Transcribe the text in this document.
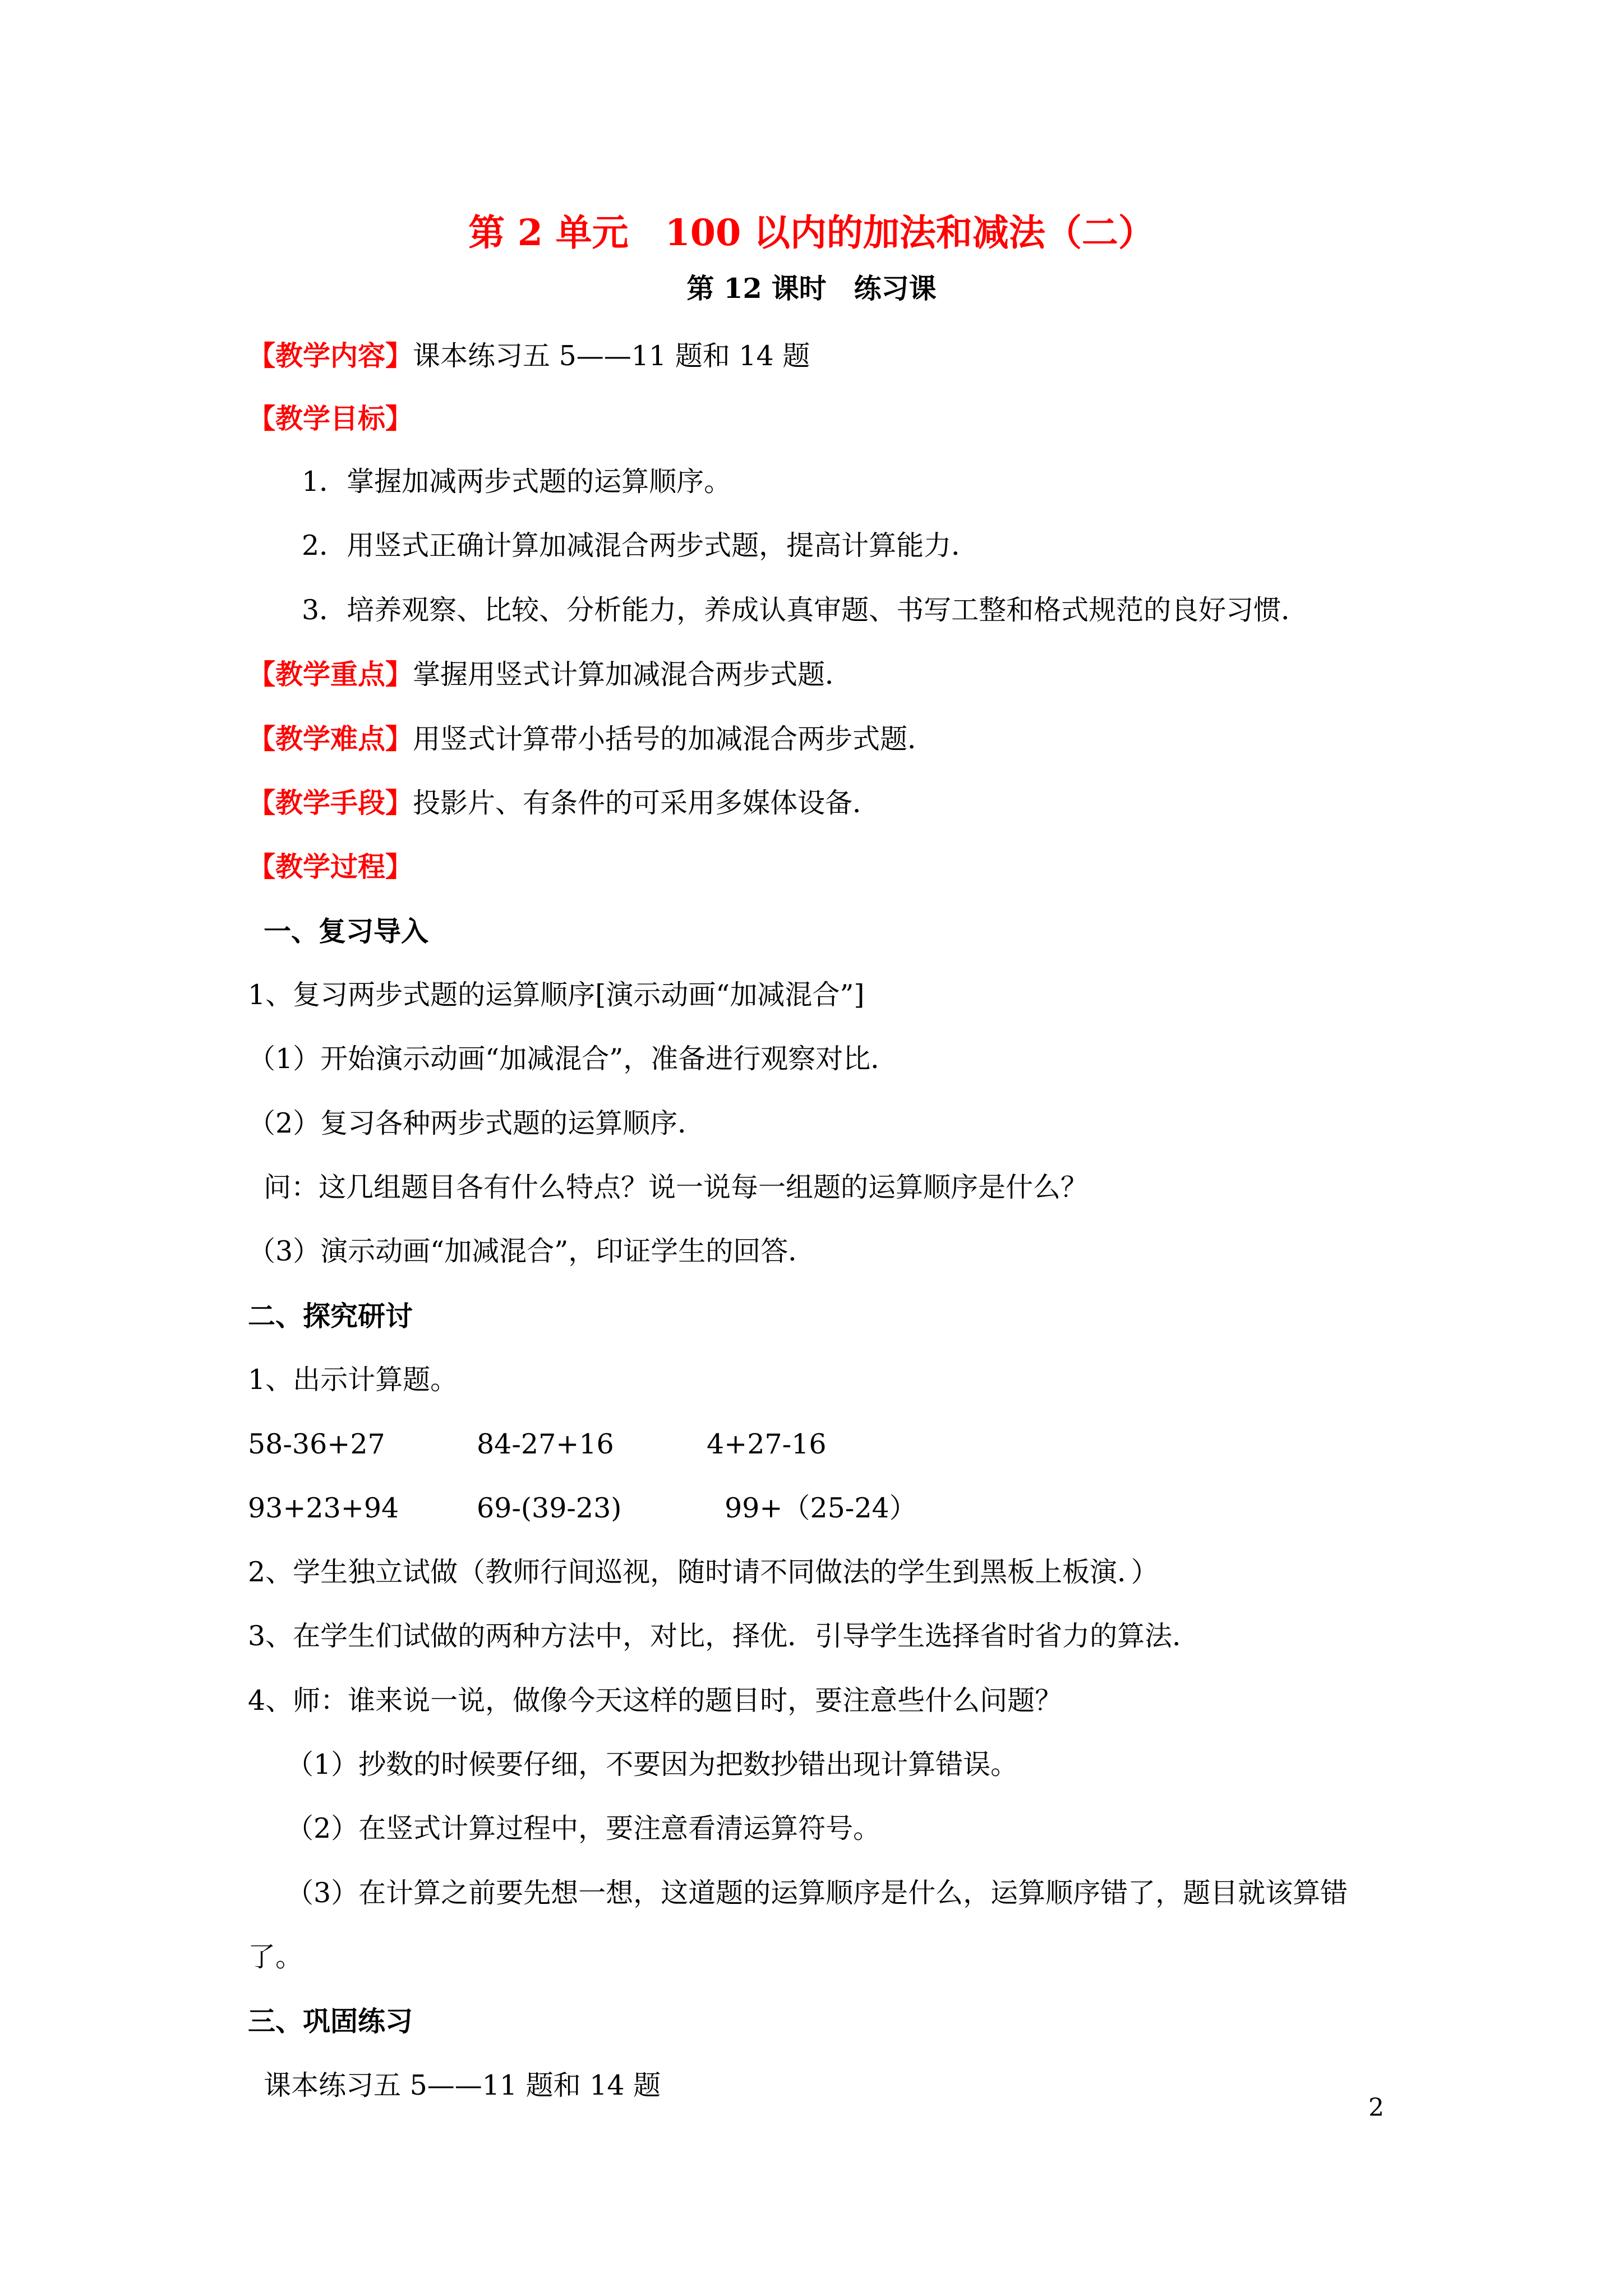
第 2 单元　100 以内的加法和减法（二）
第 12 课时　练习课
【教学内容】课本练习五 5——11 题和 14 题
【教学目标】
1．掌握加减两步式题的运算顺序。
2．用竖式正确计算加减混合两步式题，提高计算能力．
3．培养观察、比较、分析能力，养成认真审题、书写工整和格式规范的良好习惯．
【教学重点】掌握用竖式计算加减混合两步式题．
【教学难点】用竖式计算带小括号的加减混合两步式题．
【教学手段】投影片、有条件的可采用多媒体设备．
【教学过程】
一、复习导入
1、复习两步式题的运算顺序[演示动画“加减混合”]
（1）开始演示动画“加减混合”，准备进行观察对比．
（2）复习各种两步式题的运算顺序．
问：这几组题目各有什么特点？说一说每一组题的运算顺序是什么？
（3）演示动画“加减混合”，印证学生的回答．
二、探究研讨
1、出示计算题。
58-36+27	84-27+16	4+27-16
93+23+94	69-(39-23)	99+（25-24）
2、学生独立试做（教师行间巡视，随时请不同做法的学生到黑板上板演．）
3、在学生们试做的两种方法中，对比，择优．引导学生选择省时省力的算法．
4、师：谁来说一说，做像今天这样的题目时，要注意些什么问题？
（1）抄数的时候要仔细，不要因为把数抄错出现计算错误。
（2）在竖式计算过程中，要注意看清运算符号。
（3）在计算之前要先想一想，这道题的运算顺序是什么，运算顺序错了，题目就该算错
了。
三、巩固练习
课本练习五 5——11 题和 14 题
2
